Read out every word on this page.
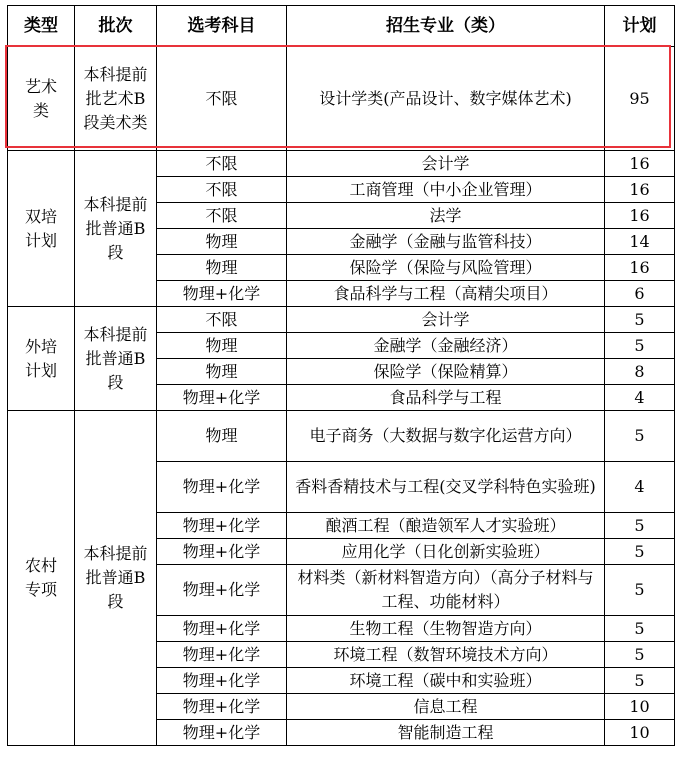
类型	批次	选考科目	招生专业（类）	计划
艺术类	本科提前批艺术B段美术类	不限	设计学类(产品设计、数字媒体艺术)	95
双培计划	本科提前批普通B段	不限	会计学	16
		不限	工商管理（中小企业管理）	16
		不限	法学	16
		物理	金融学（金融与监管科技）	14
		物理	保险学（保险与风险管理）	16
		物理+化学	食品科学与工程（高精尖项目）	6
外培计划	本科提前批普通B段	不限	会计学	5
		物理	金融学（金融经济）	5
		物理	保险学（保险精算）	8
		物理+化学	食品科学与工程	4
农村专项	本科提前批普通B段	物理	电子商务（大数据与数字化运营方向）	5
		物理+化学	香料香精技术与工程(交叉学科特色实验班)	4
		物理+化学	酿酒工程（酿造领军人才实验班）	5
		物理+化学	应用化学（日化创新实验班）	5
		物理+化学	材料类（新材料智造方向）（高分子材料与工程、功能材料）	5
		物理+化学	生物工程（生物智造方向）	5
		物理+化学	环境工程（数智环境技术方向）	5
		物理+化学	环境工程（碳中和实验班）	5
		物理+化学	信息工程	10
		物理+化学	智能制造工程	10
